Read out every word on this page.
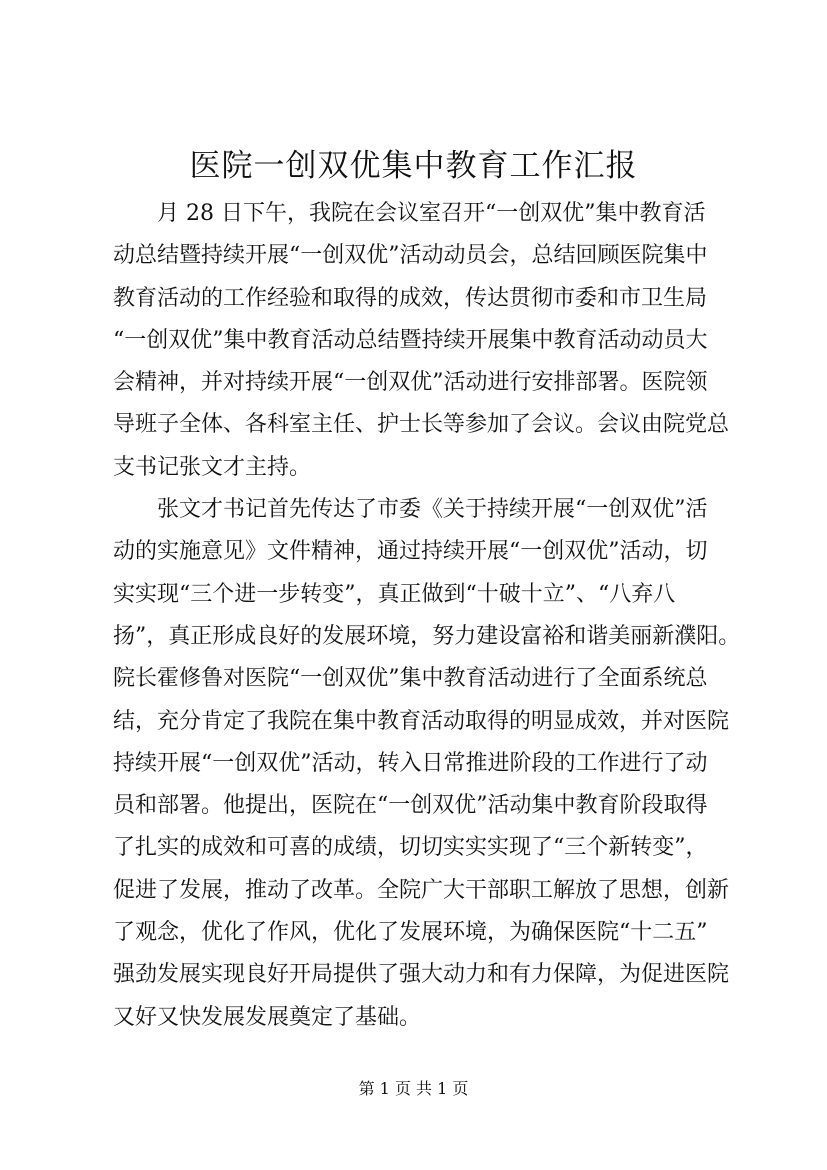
医院一创双优集中教育工作汇报
月 28 日下午，我院在会议室召开“一创双优”集中教育活
动总结暨持续开展“一创双优”活动动员会，总结回顾医院集中
教育活动的工作经验和取得的成效，传达贯彻市委和市卫生局
“一创双优”集中教育活动总结暨持续开展集中教育活动动员大
会精神，并对持续开展“一创双优”活动进行安排部署。医院领
导班子全体、各科室主任、护士长等参加了会议。会议由院党总
支书记张文才主持。
张文才书记首先传达了市委《关于持续开展“一创双优”活
动的实施意见》文件精神，通过持续开展“一创双优”活动，切
实实现“三个进一步转变”，真正做到“十破十立”、“八弃八
扬”，真正形成良好的发展环境，努力建设富裕和谐美丽新濮阳。
院长霍修鲁对医院“一创双优”集中教育活动进行了全面系统总
结，充分肯定了我院在集中教育活动取得的明显成效，并对医院
持续开展“一创双优”活动，转入日常推进阶段的工作进行了动
员和部署。他提出，医院在“一创双优”活动集中教育阶段取得
了扎实的成效和可喜的成绩，切切实实实现了“三个新转变”，
促进了发展，推动了改革。全院广大干部职工解放了思想，创新
了观念，优化了作风，优化了发展环境，为确保医院“十二五”
强劲发展实现良好开局提供了强大动力和有力保障，为促进医院
又好又快发展发展奠定了基础。
第 1 页 共 1 页
